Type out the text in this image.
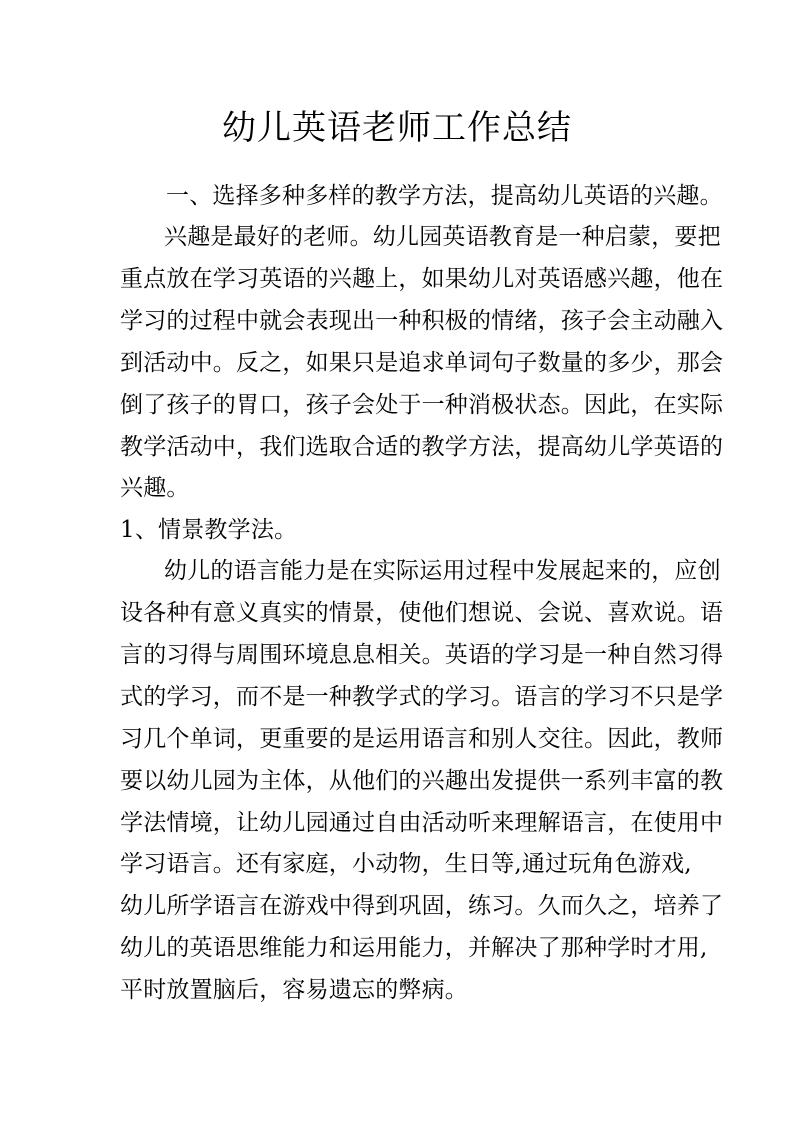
幼儿英语老师工作总结
一、选择多种多样的教学方法，提高幼儿英语的兴趣。
兴趣是最好的老师。幼儿园英语教育是一种启蒙，要把
重点放在学习英语的兴趣上，如果幼儿对英语感兴趣，他在
学习的过程中就会表现出一种积极的情绪，孩子会主动融入
到活动中。反之，如果只是追求单词句子数量的多少，那会
倒了孩子的胃口，孩子会处于一种消极状态。因此，在实际
教学活动中，我们选取合适的教学方法，提高幼儿学英语的
兴趣。
1、情景教学法。
幼儿的语言能力是在实际运用过程中发展起来的，应创
设各种有意义真实的情景，使他们想说、会说、喜欢说。语
言的习得与周围环境息息相关。英语的学习是一种自然习得
式的学习，而不是一种教学式的学习。语言的学习不只是学
习几个单词，更重要的是运用语言和别人交往。因此，教师
要以幼儿园为主体，从他们的兴趣出发提供一系列丰富的教
学法情境，让幼儿园通过自由活动听来理解语言，在使用中
学习语言。还有家庭，小动物，生日等,通过玩角色游戏,
幼儿所学语言在游戏中得到巩固，练习。久而久之，培养了
幼儿的英语思维能力和运用能力，并解决了那种学时才用,
平时放置脑后，容易遗忘的弊病。
